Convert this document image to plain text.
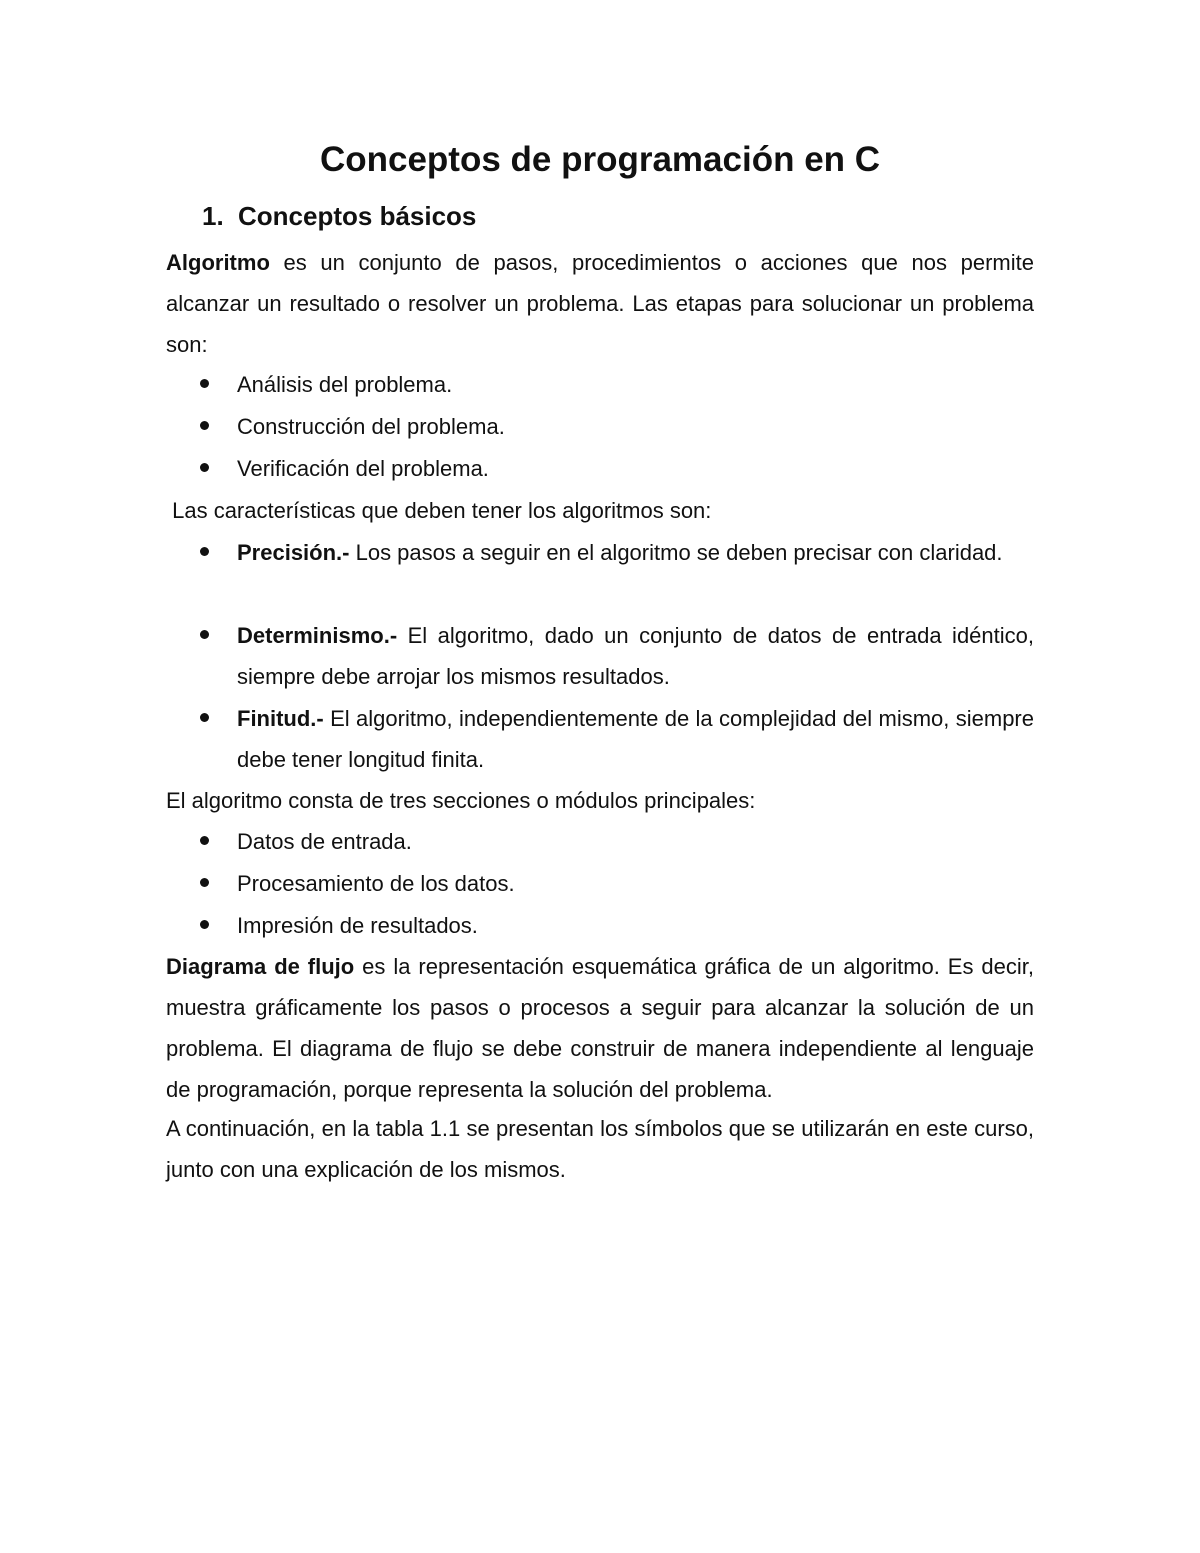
Conceptos de programación en C
1. Conceptos básicos

Algoritmo es un conjunto de pasos, procedimientos o acciones que nos permite alcanzar un resultado o resolver un problema. Las etapas para solucionar un problema son:

Análisis del problema.
Construcción del problema.
Verificación del problema.

Las características que deben tener los algoritmos son:

Precisión.- Los pasos a seguir en el algoritmo se deben precisar con claridad.
Determinismo.- El algoritmo, dado un conjunto de datos de entrada idéntico, siempre debe arrojar los mismos resultados.
Finitud.- El algoritmo, independientemente de la complejidad del mismo, siempre debe tener longitud finita.

El algoritmo consta de tres secciones o módulos principales:

Datos de entrada.
Procesamiento de los datos.
Impresión de resultados.

Diagrama de flujo es la representación esquemática gráfica de un algoritmo. Es decir, muestra gráficamente los pasos o procesos a seguir para alcanzar la solución de un problema. El diagrama de flujo se debe construir de manera independiente al lenguaje de programación, porque representa la solución del problema.

A continuación, en la tabla 1.1 se presentan los símbolos que se utilizarán en este curso, junto con una explicación de los mismos.
